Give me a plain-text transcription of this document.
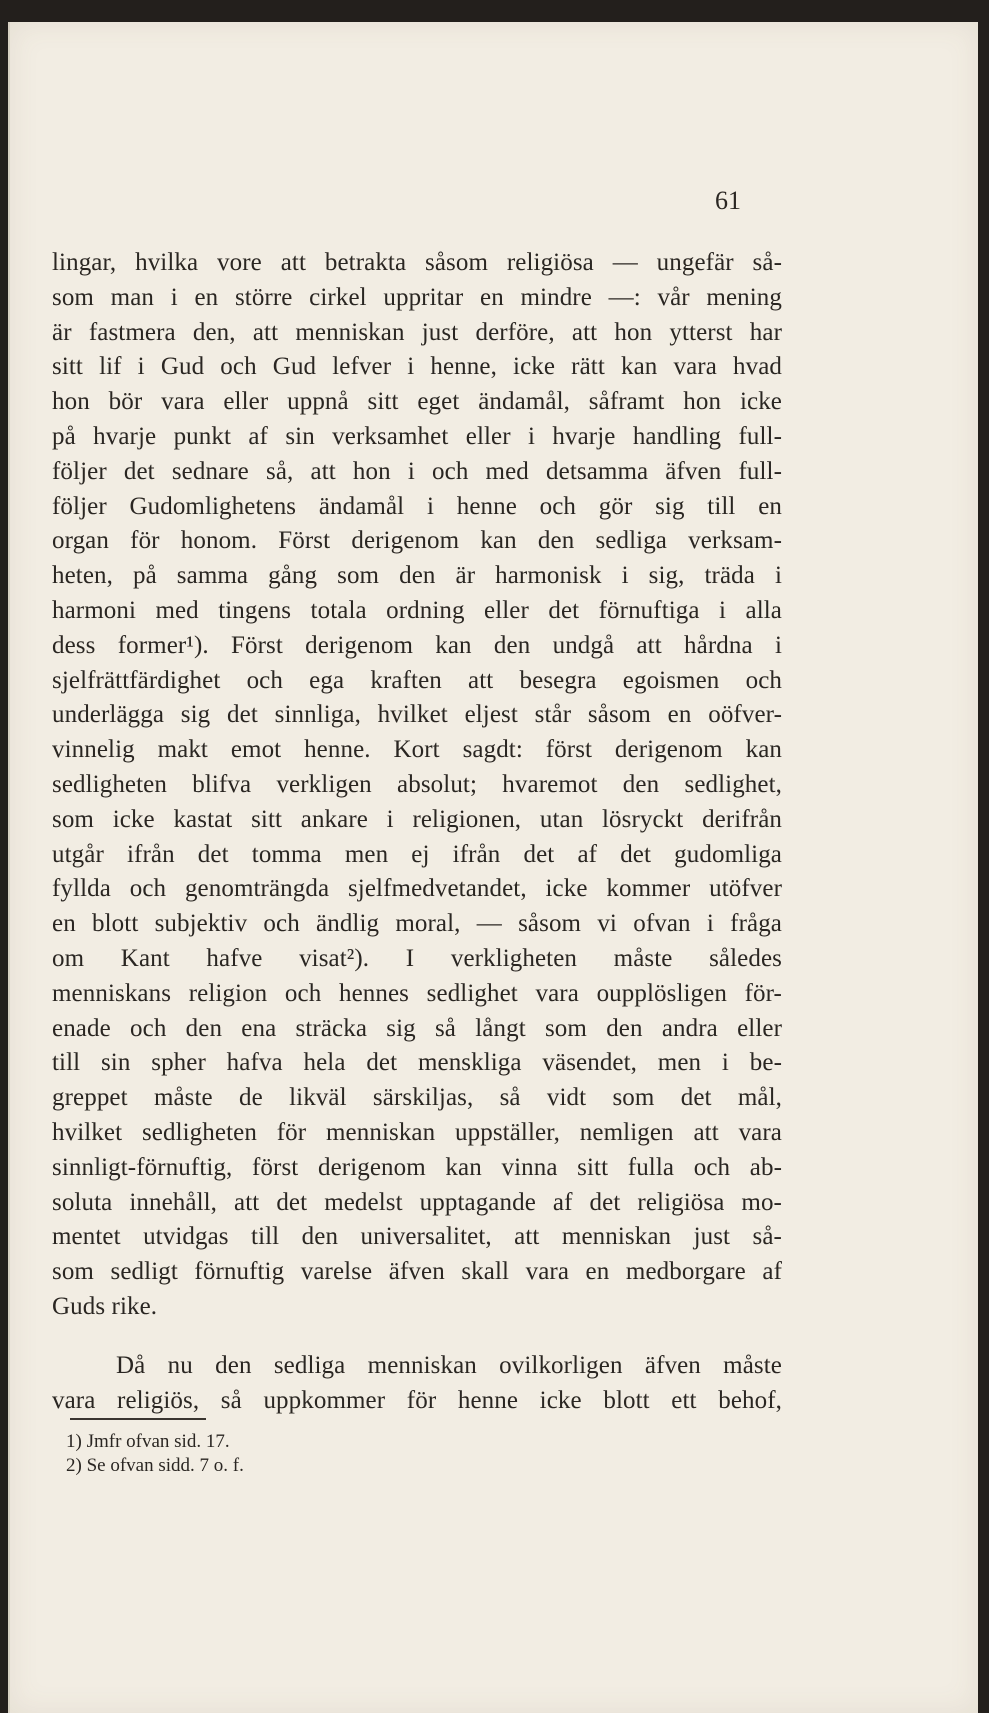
61

lingar, hvilka vore att betrakta såsom religiösa — ungefär så-
som man i en större cirkel uppritar en mindre —: vår mening
är fastmera den, att menniskan just derföre, att hon ytterst har
sitt lif i Gud och Gud lefver i henne, icke rätt kan vara hvad
hon bör vara eller uppnå sitt eget ändamål, såframt hon icke
på hvarje punkt af sin verksamhet eller i hvarje handling full-
följer det sednare så, att hon i och med detsamma äfven full-
följer Gudomlighetens ändamål i henne och gör sig till en
organ för honom. Först derigenom kan den sedliga verksam-
heten, på samma gång som den är harmonisk i sig, träda i
harmoni med tingens totala ordning eller det förnuftiga i alla
dess former¹). Först derigenom kan den undgå att hårdna i
sjelfrättfärdighet och ega kraften att besegra egoismen och
underlägga sig det sinnliga, hvilket eljest står såsom en oöfver-
vinnelig makt emot henne. Kort sagdt: först derigenom kan
sedligheten blifva verkligen absolut; hvaremot den sedlighet,
som icke kastat sitt ankare i religionen, utan lösryckt derifrån
utgår ifrån det tomma men ej ifrån det af det gudomliga
fyllda och genomträngda sjelfmedvetandet, icke kommer utöfver
en blott subjektiv och ändlig moral, — såsom vi ofvan i fråga
om Kant hafve visat²). I verkligheten måste således
menniskans religion och hennes sedlighet vara oupplösligen för-
enade och den ena sträcka sig så långt som den andra eller
till sin spher hafva hela det menskliga väsendet, men i be-
greppet måste de likväl särskiljas, så vidt som det mål,
hvilket sedligheten för menniskan uppställer, nemligen att vara
sinnligt-förnuftig, först derigenom kan vinna sitt fulla och ab-
soluta innehåll, att det medelst upptagande af det religiösa mo-
mentet utvidgas till den universalitet, att menniskan just så-
som sedligt förnuftig varelse äfven skall vara en medborgare af
Guds rike.
Då nu den sedliga menniskan ovilkorligen äfven måste
vara religiös, så uppkommer för henne icke blott ett behof,
1) Jmfr ofvan sid. 17.
2) Se ofvan sidd. 7 o. f.
